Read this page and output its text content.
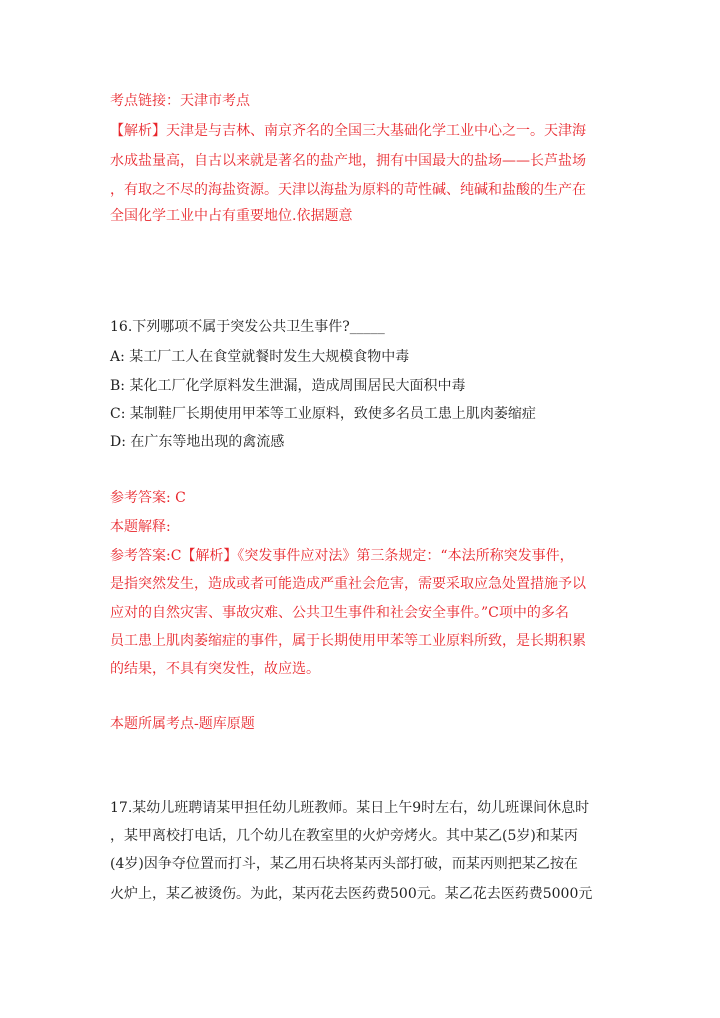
考点链接：天津市考点

【解析】天津是与吉林、南京齐名的全国三大基础化学工业中心之一。天津海

水成盐量高，自古以来就是著名的盐产地，拥有中国最大的盐场——长芦盐场

，有取之不尽的海盐资源。天津以海盐为原料的苛性碱、纯碱和盐酸的生产在

全国化学工业中占有重要地位.依据题意

16.下列哪项不属于突发公共卫生事件?_____

A: 某工厂工人在食堂就餐时发生大规模食物中毒

B: 某化工厂化学原料发生泄漏，造成周围居民大面积中毒

C: 某制鞋厂长期使用甲苯等工业原料，致使多名员工患上肌肉萎缩症

D: 在广东等地出现的禽流感

参考答案: C

本题解释:

参考答案:C【解析】《突发事件应对法》第三条规定：“本法所称突发事件，

是指突然发生，造成或者可能造成严重社会危害，需要采取应急处置措施予以

应对的自然灾害、事故灾难、公共卫生事件和社会安全事件。”C项中的多名

员工患上肌肉萎缩症的事件，属于长期使用甲苯等工业原料所致，是长期积累

的结果，不具有突发性，故应选。

本题所属考点-题库原题

17.某幼儿班聘请某甲担任幼儿班教师。某日上午9时左右，幼儿班课间休息时

，某甲离校打电话，几个幼儿在教室里的火炉旁烤火。其中某乙(5岁)和某丙

(4岁)因争夺位置而打斗，某乙用石块将某丙头部打破，而某丙则把某乙按在

火炉上，某乙被烫伤。为此，某丙花去医药费500元。某乙花去医药费5000元
